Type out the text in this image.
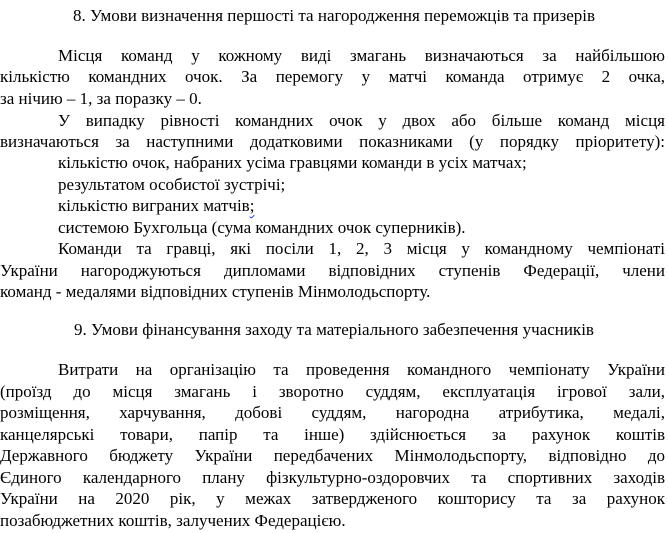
8. Умови визначення першості та нагородження переможців та призерів
Місця команд у кожному виді змагань визначаються за найбільшою
кількістю командних очок. За перемогу у матчі команда отримує 2 очка,
за нічию – 1, за поразку – 0.
У випадку рівності командних очок у двох або більше команд місця
визначаються за наступними додатковими показниками (у порядку пріоритету):
кількістю очок, набраних усіма гравцями команди в усіх матчах;
результатом особистої зустрічі;
кількістю виграних матчів;
системою Бухгольца (сума командних очок суперників).
Команди та гравці, які посіли 1, 2, 3 місця у командному чемпіонаті
України нагороджуються дипломами відповідних ступенів Федерації, члени
команд - медалями відповідних ступенів Мінмолодьспорту.
9. Умови фінансування заходу та матеріального забезпечення учасників
Витрати на організацію та проведення командного чемпіонату України
(проїзд до місця змагань і зворотно суддям, експлуатація ігрової зали,
розміщення, харчування, добові суддям, нагородна атрибутика, медалі,
канцелярські товари, папір та інше) здійснюється за рахунок коштів
Державного бюджету України передбачених Мінмолодьспорту, відповідно до
Єдиного календарного плану фізкультурно-оздоровчих та спортивних заходів
України на 2020 рік, у межах затвердженого кошторису та за рахунок
позабюджетних коштів, залучених Федерацією.
